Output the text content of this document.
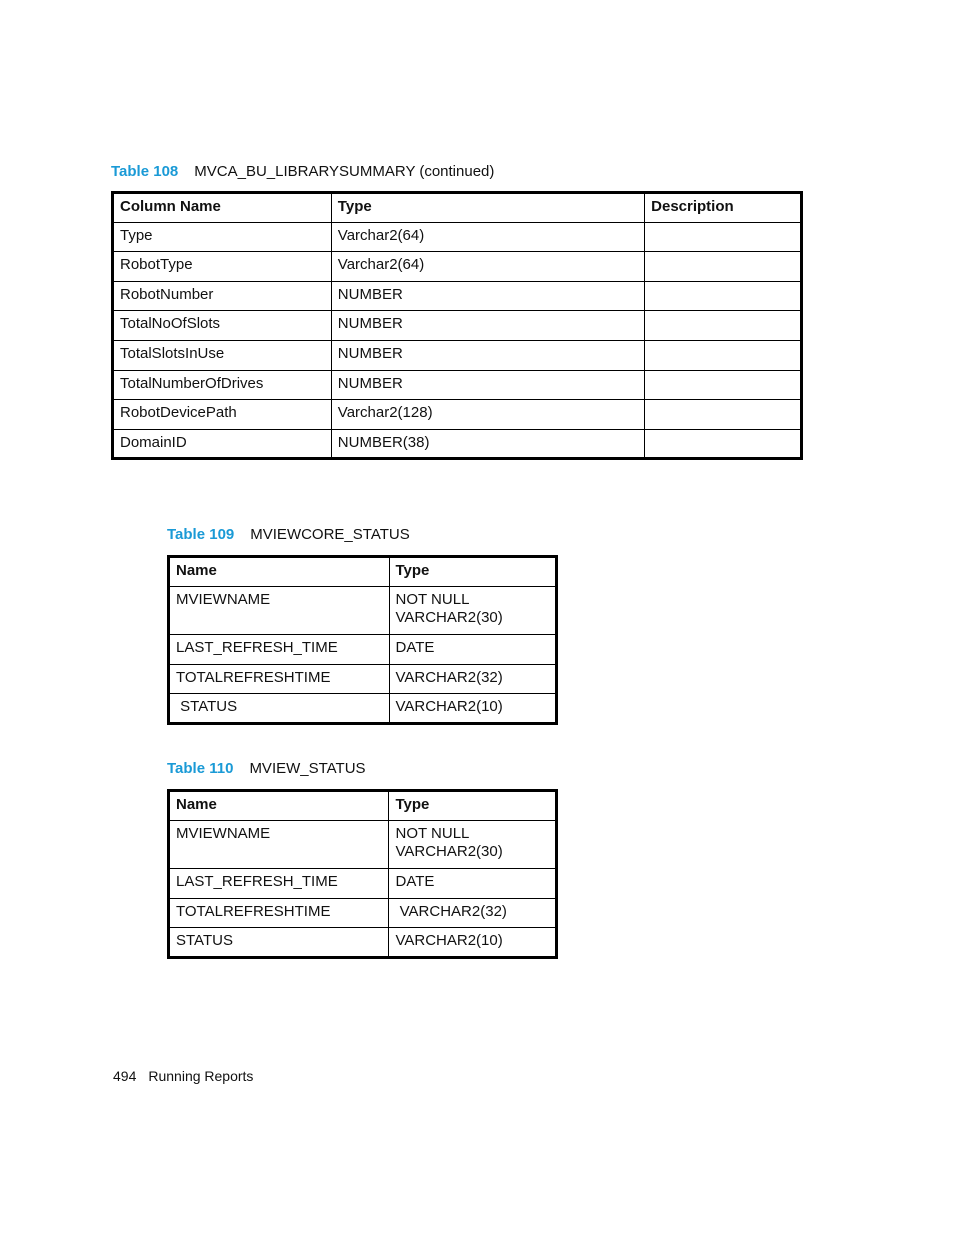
Table 108 MVCA_BU_LIBRARYSUMMARY (continued)
Column Name	Type	Description
Type	Varchar2(64)	
RobotType	Varchar2(64)	
RobotNumber	NUMBER	
TotalNoOfSlots	NUMBER	
TotalSlotsInUse	NUMBER	
TotalNumberOfDrives	NUMBER	
RobotDevicePath	Varchar2(128)	
DomainID	NUMBER(38)	
Table 109 MVIEWCORE_STATUS
Name	Type
MVIEWNAME	NOT NULL
VARCHAR2(30)

LAST_REFRESH_TIME	DATE
TOTALREFRESHTIME	VARCHAR2(32)
STATUS	VARCHAR2(10)
Table 110 MVIEW_STATUS
Name	Type
MVIEWNAME	NOT NULL
VARCHAR2(30)

LAST_REFRESH_TIME	DATE
TOTALREFRESHTIME	VARCHAR2(32)
STATUS	VARCHAR2(10)
494 Running Reports
